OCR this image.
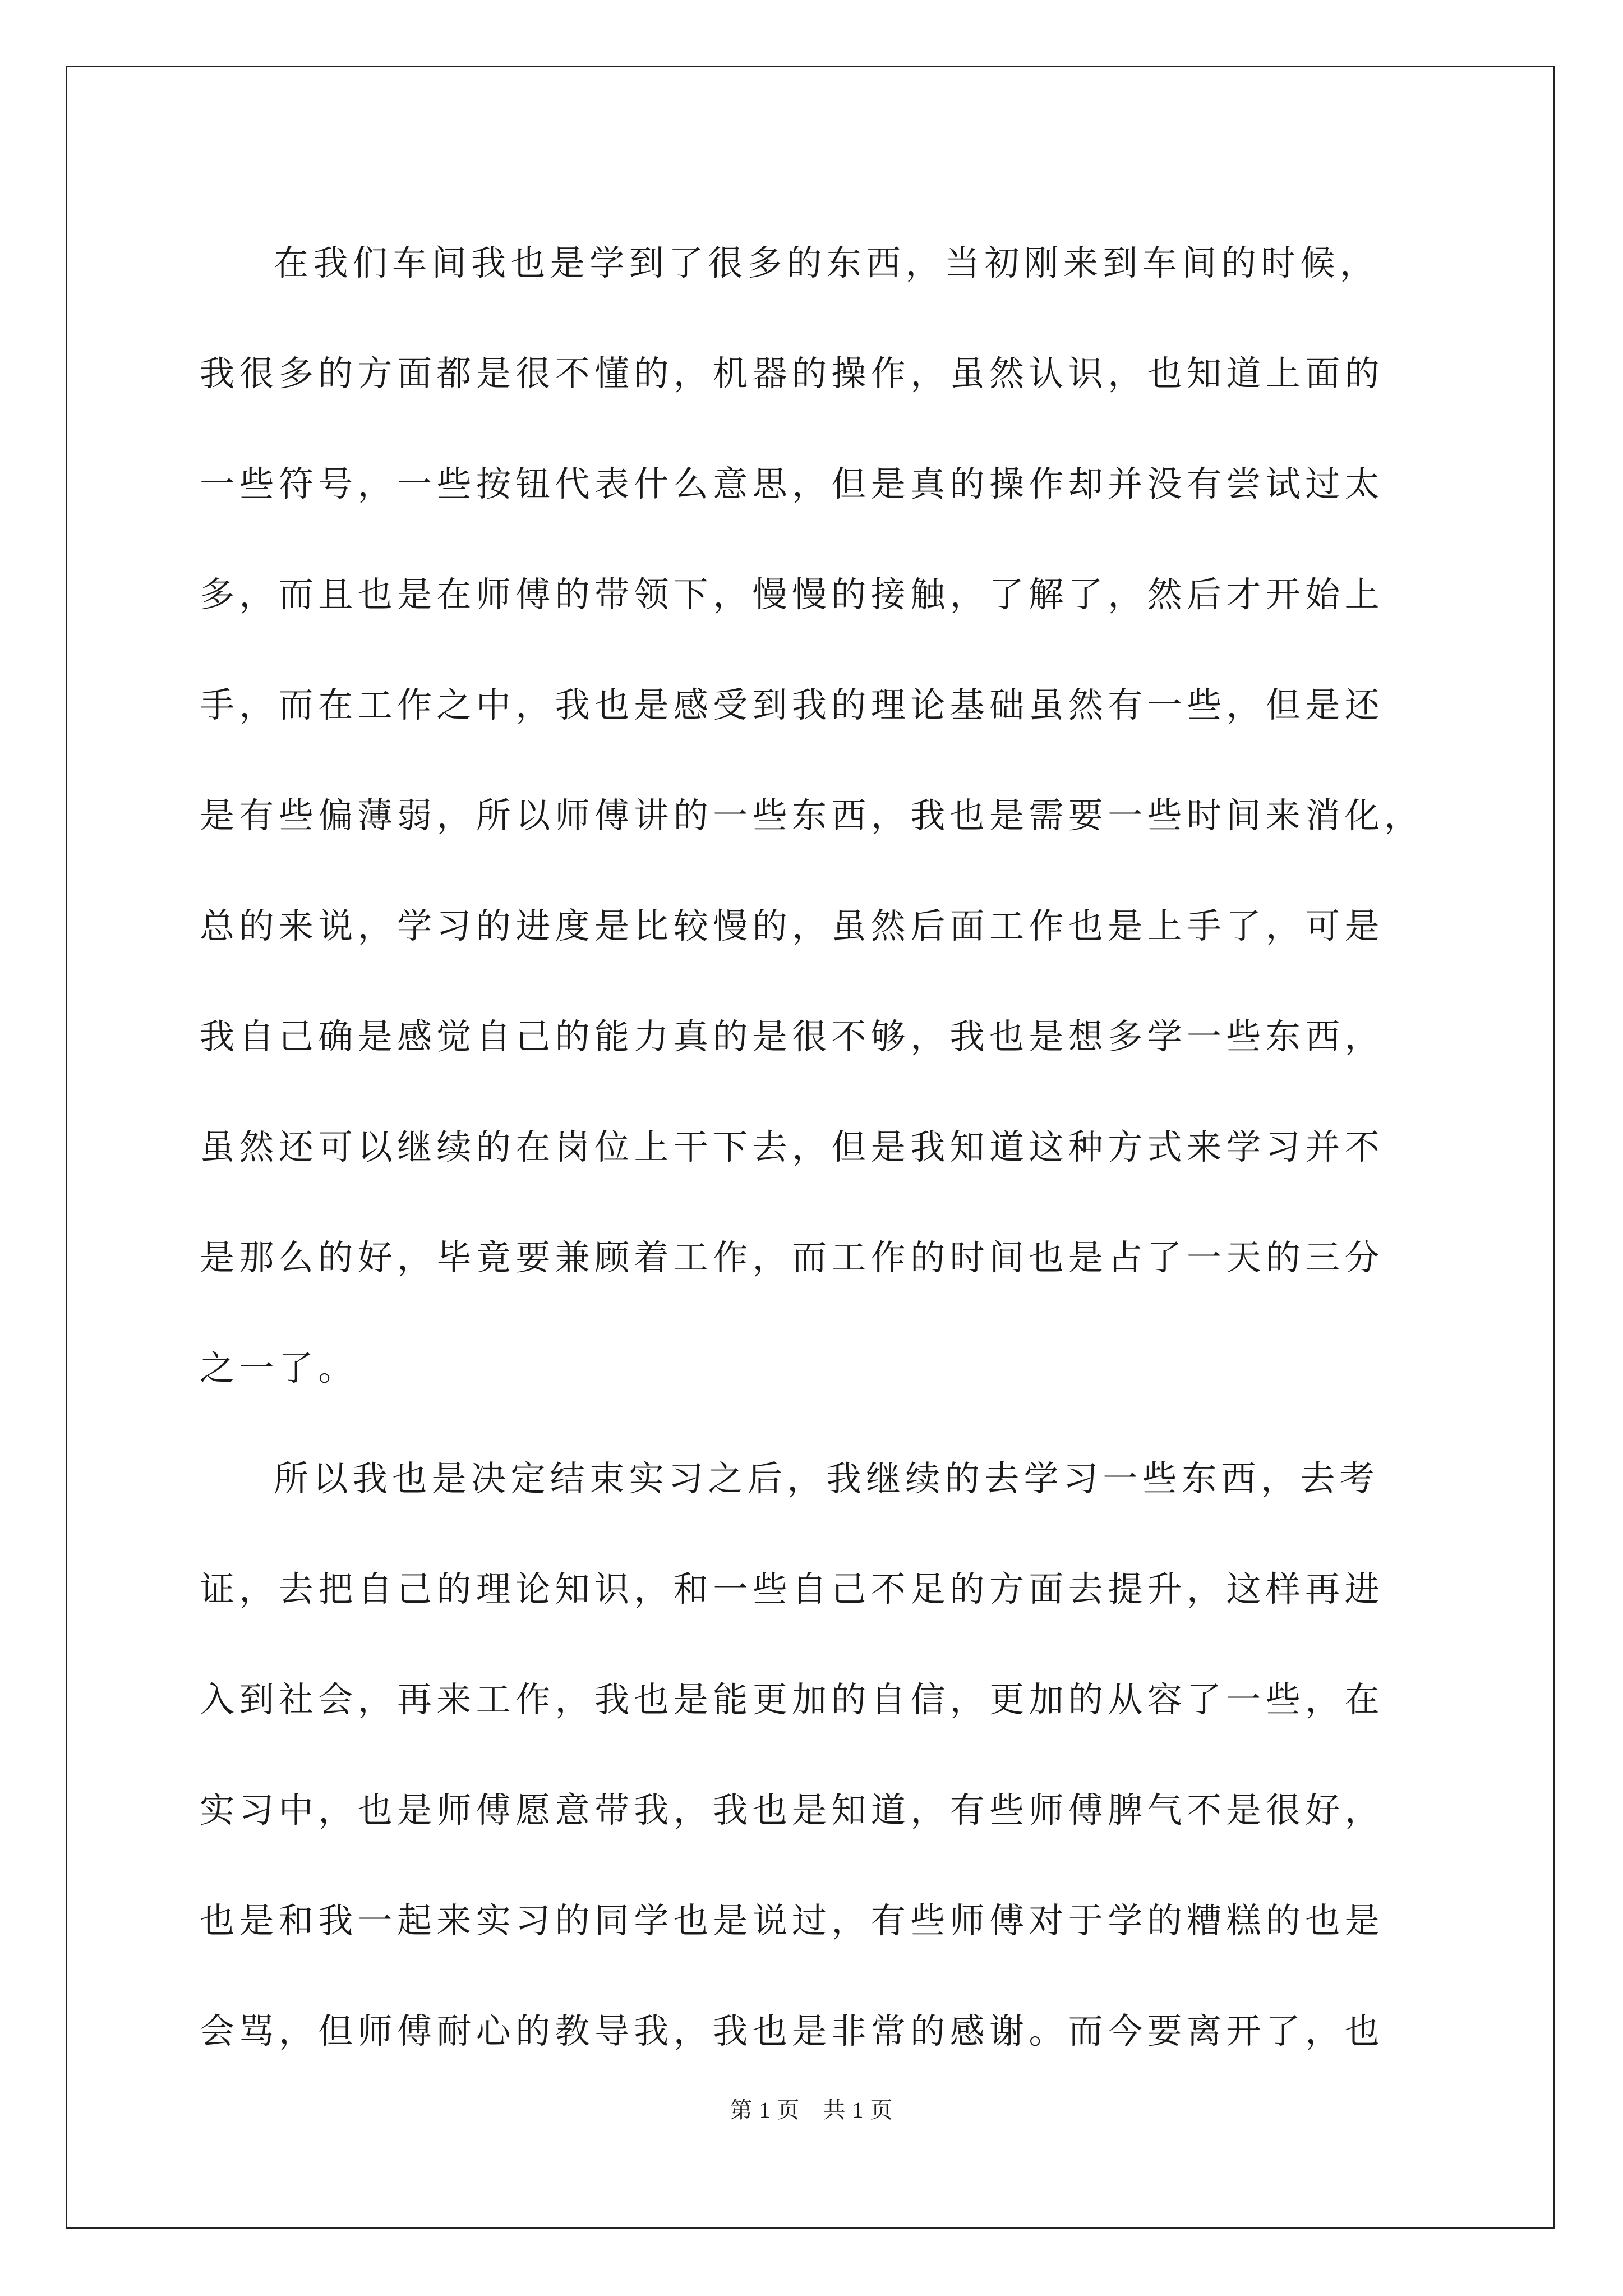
在我们车间我也是学到了很多的东西，当初刚来到车间的时候，
我很多的方面都是很不懂的，机器的操作，虽然认识，也知道上面的
一些符号，一些按钮代表什么意思，但是真的操作却并没有尝试过太
多，而且也是在师傅的带领下，慢慢的接触，了解了，然后才开始上
手，而在工作之中，我也是感受到我的理论基础虽然有一些，但是还
是有些偏薄弱，所以师傅讲的一些东西，我也是需要一些时间来消化，
总的来说，学习的进度是比较慢的，虽然后面工作也是上手了，可是
我自己确是感觉自己的能力真的是很不够，我也是想多学一些东西，
虽然还可以继续的在岗位上干下去，但是我知道这种方式来学习并不
是那么的好，毕竟要兼顾着工作，而工作的时间也是占了一天的三分
之一了。
所以我也是决定结束实习之后，我继续的去学习一些东西，去考
证，去把自己的理论知识，和一些自己不足的方面去提升，这样再进
入到社会，再来工作，我也是能更加的自信，更加的从容了一些，在
实习中，也是师傅愿意带我，我也是知道，有些师傅脾气不是很好，
也是和我一起来实习的同学也是说过，有些师傅对于学的糟糕的也是
会骂，但师傅耐心的教导我，我也是非常的感谢。而今要离开了，也
第 1 页　共 1 页
